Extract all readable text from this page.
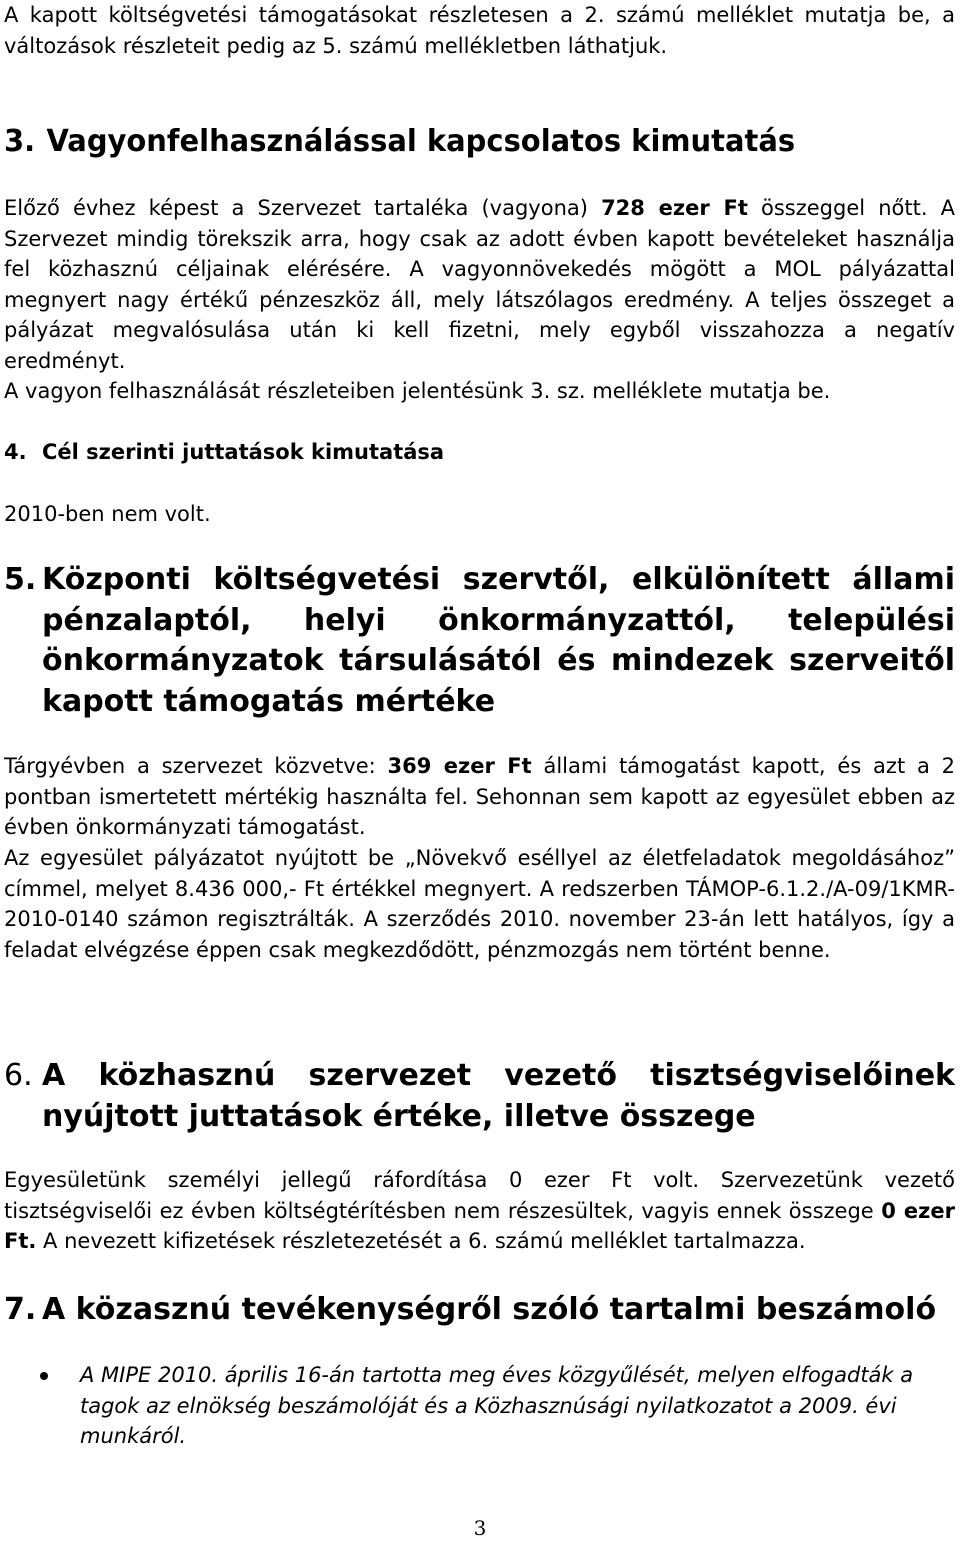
A kapott költségvetési támogatásokat részletesen a 2. számú melléklet mutatja be, a változások részleteit pedig az 5. számú mellékletben láthatjuk.

3. Vagyonfelhasználással kapcsolatos kimutatás

Előző évhez képest a Szervezet tartaléka (vagyona) 728 ezer Ft összeggel nőtt. A Szervezet mindig törekszik arra, hogy csak az adott évben kapott bevételeket használja fel közhasznú céljainak elérésére. A vagyonnövekedés mögött a MOL pályázattal megnyert nagy értékű pénzeszköz áll, mely látszólagos eredmény. A teljes összeget a pályázat megvalósulása után ki kell fizetni, mely egyből visszahozza a negatív eredményt.

A vagyon felhasználását részleteiben jelentésünk 3. sz. melléklete mutatja be.

4. Cél szerinti juttatások kimutatása

2010-ben nem volt.

5. Központi költségvetési szervtől, elkülönített állami pénzalaptól, helyi önkormányzattól, települési önkormányzatok társulásától és mindezek szerveitől kapott támogatás mértéke

Tárgyévben a szervezet közvetve: 369 ezer Ft állami támogatást kapott, és azt a 2 pontban ismertetett mértékig használta fel. Sehonnan sem kapott az egyesület ebben az évben önkormányzati támogatást.

Az egyesület pályázatot nyújtott be „Növekvő eséllyel az életfeladatok megoldásához” címmel, melyet 8.436 000,- Ft értékkel megnyert. A redszerben TÁMOP-6.1.2./A-09/1KMR-2010-0140 számon regisztrálták. A szerződés 2010. november 23-án lett hatályos, így a feladat elvégzése éppen csak megkezdődött, pénzmozgás nem történt benne.

6. A közhasznú szervezet vezető tisztségviselőinek nyújtott juttatások értéke, illetve összege

Egyesületünk személyi jellegű ráfordítása 0 ezer Ft volt. Szervezetünk vezető tisztségviselői ez évben költségtérítésben nem részesültek, vagyis ennek összege 0 ezer Ft. A nevezett kifizetések részletezetését a 6. számú melléklet tartalmazza.

7. A közasznú tevékenységről szóló tartalmi beszámoló
A MIPE 2010. április 16-án tartotta meg éves közgyűlését, melyen elfogadták a tagok az elnökség beszámolóját és a Közhasznúsági nyilatkozatot a 2009. évi munkáról.
3
